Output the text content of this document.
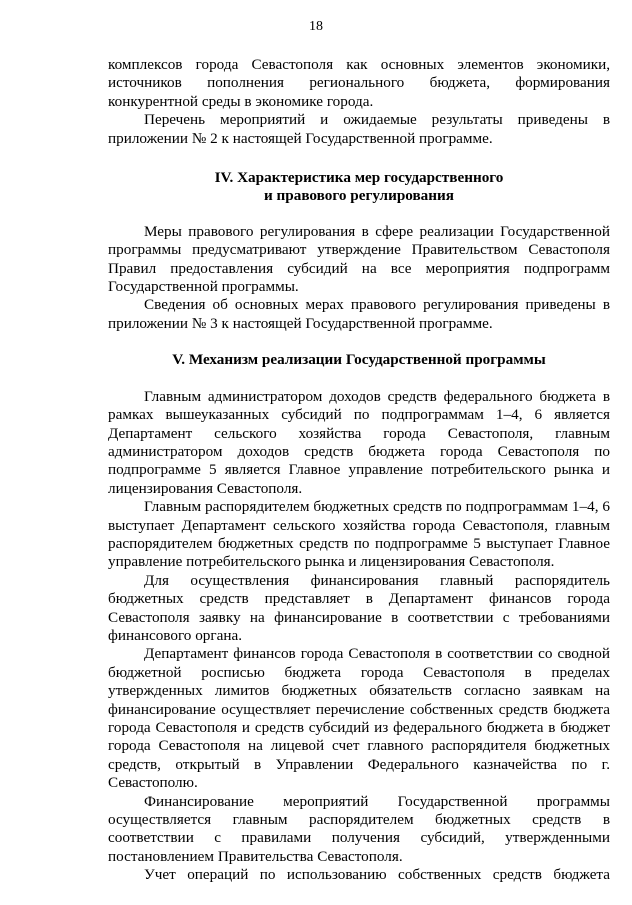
18

комплексов города Севастополя как основных элементов экономики, источников пополнения регионального бюджета, формирования конкурентной среды в экономике города.

Перечень мероприятий и ожидаемые результаты приведены в приложении № 2 к настоящей Государственной программе.

IV. Характеристика мер государственного
и правового регулирования

Меры правового регулирования в сфере реализации Государственной программы предусматривают утверждение Правительством Севастополя Правил предоставления субсидий на все мероприятия подпрограмм Государственной программы.

Сведения об основных мерах правового регулирования приведены в приложении № 3 к настоящей Государственной программе.

V. Механизм реализации Государственной программы

Главным администратором доходов средств федерального бюджета в рамках вышеуказанных субсидий по подпрограммам 1–4, 6 является Департамент сельского хозяйства города Севастополя, главным администратором доходов средств бюджета города Севастополя по подпрограмме 5 является Главное управление потребительского рынка и лицензирования Севастополя.

Главным распорядителем бюджетных средств по подпрограммам 1–4, 6 выступает Департамент сельского хозяйства города Севастополя, главным распорядителем бюджетных средств по подпрограмме 5 выступает Главное управление потребительского рынка и лицензирования Севастополя.

Для осуществления финансирования главный распорядитель бюджетных средств представляет в Департамент финансов города Севастополя заявку на финансирование в соответствии с требованиями финансового органа.

Департамент финансов города Севастополя в соответствии со сводной бюджетной росписью бюджета города Севастополя в пределах утвержденных лимитов бюджетных обязательств согласно заявкам на финансирование осуществляет перечисление собственных средств бюджета города Севастополя и средств субсидий из федерального бюджета в бюджет города Севастополя на лицевой счет главного распорядителя бюджетных средств, открытый в Управлении Федерального казначейства по г. Севастополю.

Финансирование мероприятий Государственной программы осуществляется главным распорядителем бюджетных средств в соответствии с правилами получения субсидий, утвержденными постановлением Правительства Севастополя.

Учет операций по использованию собственных средств бюджета
